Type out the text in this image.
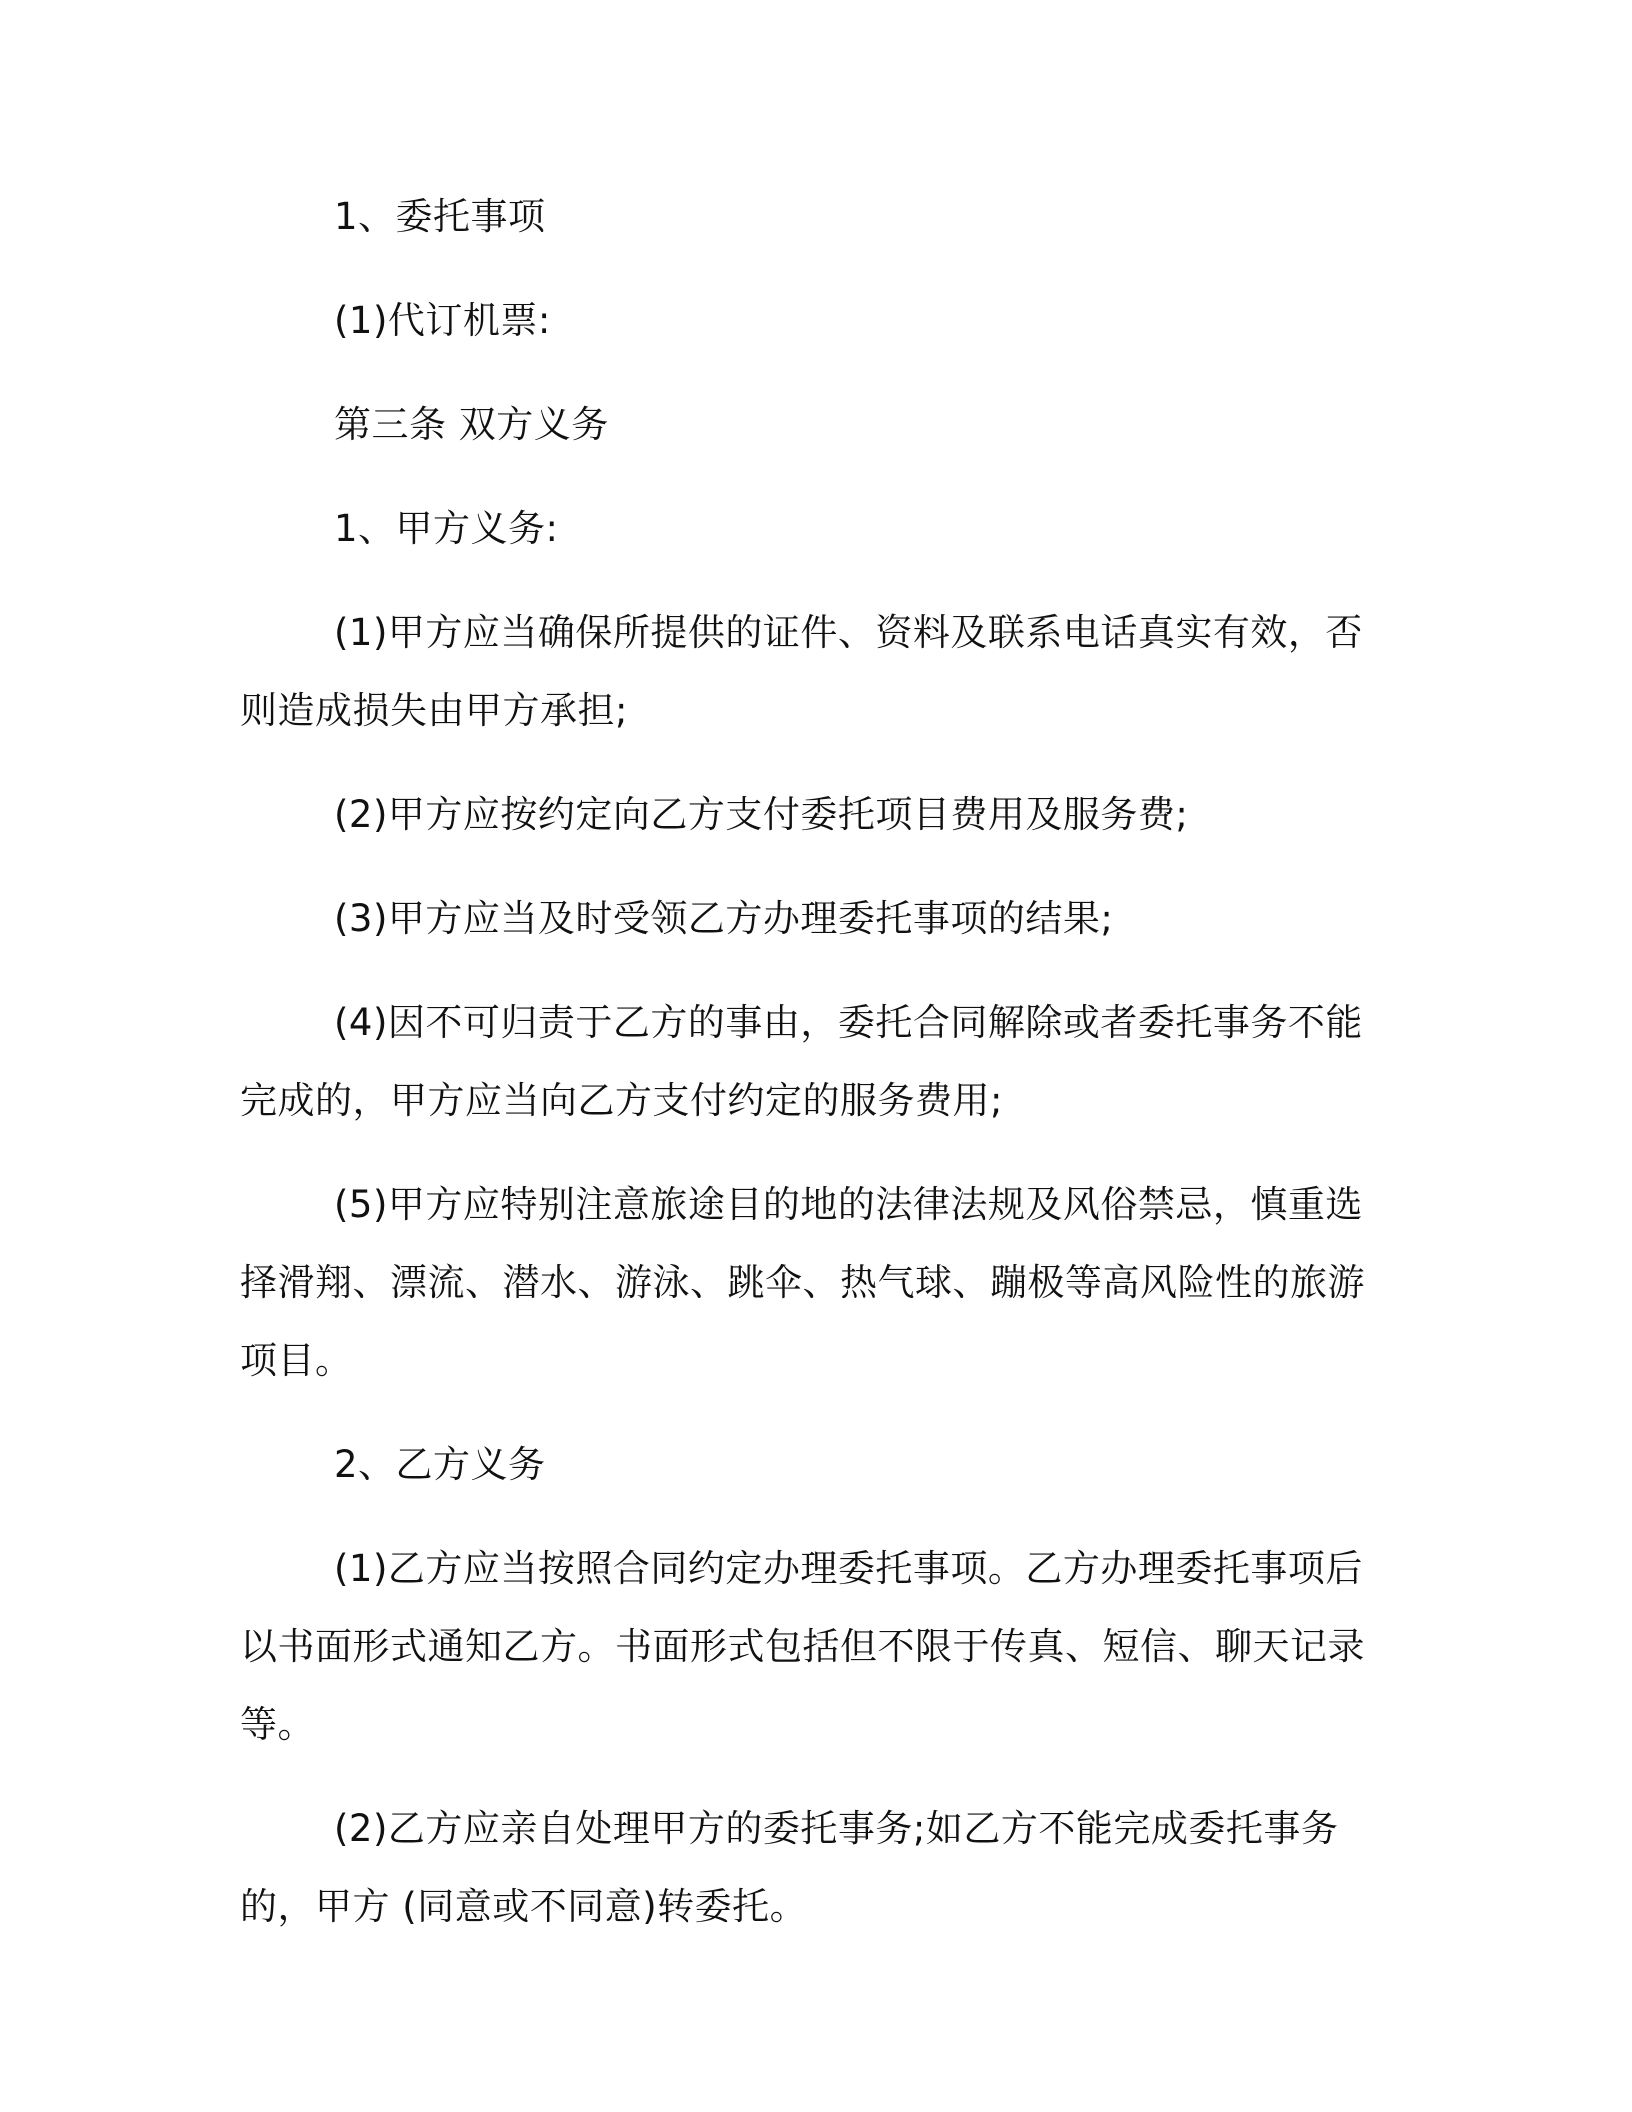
1、委托事项

(1)代订机票:

第三条 双方义务

1、甲方义务:

(1)甲方应当确保所提供的证件、资料及联系电话真实有效，否则造成损失由甲方承担;

(2)甲方应按约定向乙方支付委托项目费用及服务费;

(3)甲方应当及时受领乙方办理委托事项的结果;

(4)因不可归责于乙方的事由，委托合同解除或者委托事务不能完成的，甲方应当向乙方支付约定的服务费用;

(5)甲方应特别注意旅途目的地的法律法规及风俗禁忌，慎重选择滑翔、漂流、潜水、游泳、跳伞、热气球、蹦极等高风险性的旅游项目。

2、乙方义务

(1)乙方应当按照合同约定办理委托事项。乙方办理委托事项后以书面形式通知乙方。书面形式包括但不限于传真、短信、聊天记录等。

(2)乙方应亲自处理甲方的委托事务;如乙方不能完成委托事务的，甲方 (同意或不同意)转委托。
